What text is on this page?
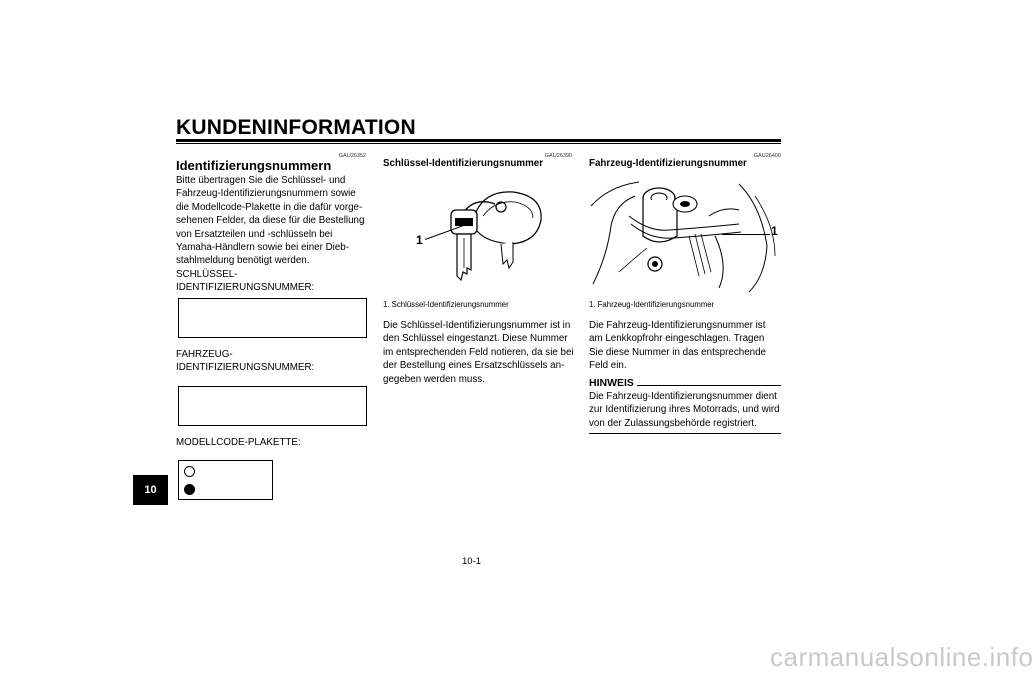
KUNDENINFORMATION
10
GAU26352
Identifizierungsnummern
Bitte übertragen Sie die Schlüssel- und
Fahrzeug-Identifizierungsnummern sowie
die Modellcode-Plakette in die dafür vorge-
sehenen Felder, da diese für die Bestellung
von Ersatzteilen und -schlüsseln bei
Yamaha-Händlern sowie bei einer Dieb-
stahlmeldung benötigt werden.
SCHLÜSSEL-
IDENTIFIZIERUNGSNUMMER:
FAHRZEUG-
IDENTIFIZIERUNGSNUMMER:
MODELLCODE-PLAKETTE:
GAU26390
Schlüssel-Identifizierungsnummer
1
1. Schlüssel-Identifizierungsnummer
Die Schlüssel-Identifizierungsnummer ist in
den Schlüssel eingestanzt. Diese Nummer
im entsprechenden Feld notieren, da sie bei
der Bestellung eines Ersatzschlüssels an-
gegeben werden muss.
GAU26400
Fahrzeug-Identifizierungsnummer
1
1. Fahrzeug-Identifizierungsnummer
Die Fahrzeug-Identifizierungsnummer ist
am Lenkkopfrohr eingeschlagen. Tragen
Sie diese Nummer in das entsprechende
Feld ein.
HINWEIS
Die Fahrzeug-Identifizierungsnummer dient
zur Identifizierung ihres Motorrads, und wird
von der Zulassungsbehörde registriert.
10-1
carmanualsonline.info
